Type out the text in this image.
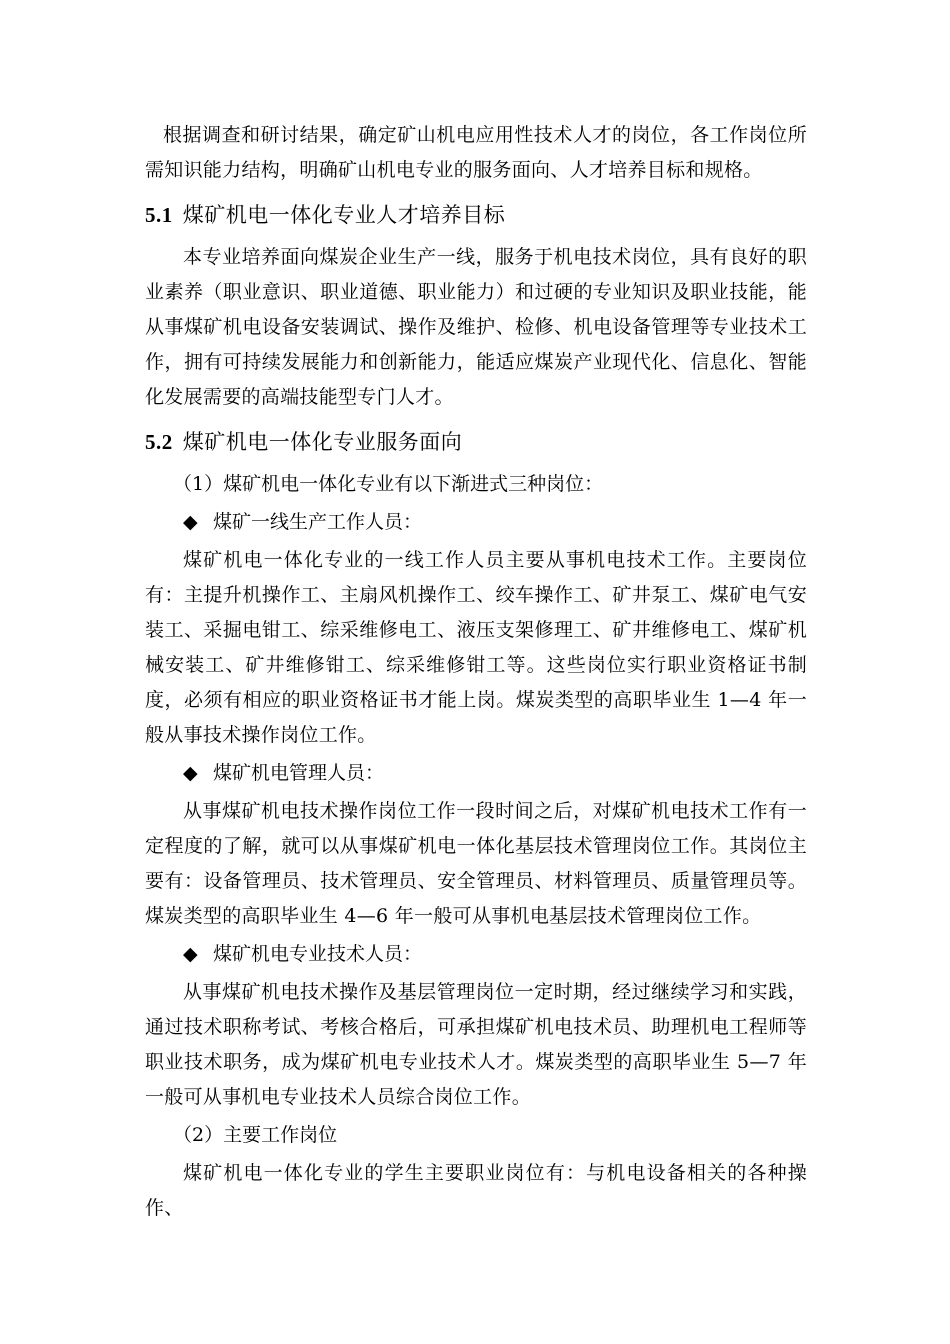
根据调查和研讨结果，确定矿山机电应用性技术人才的岗位，各工作岗位所需知识能力结构，明确矿山机电专业的服务面向、人才培养目标和规格。

5.1 煤矿机电一体化专业人才培养目标

本专业培养面向煤炭企业生产一线，服务于机电技术岗位，具有良好的职业素养（职业意识、职业道德、职业能力）和过硬的专业知识及职业技能，能从事煤矿机电设备安装调试、操作及维护、检修、机电设备管理等专业技术工作，拥有可持续发展能力和创新能力，能适应煤炭产业现代化、信息化、智能化发展需要的高端技能型专门人才。

5.2 煤矿机电一体化专业服务面向

（1）煤矿机电一体化专业有以下渐进式三种岗位：

◆ 煤矿一线生产工作人员：

煤矿机电一体化专业的一线工作人员主要从事机电技术工作。主要岗位有：主提升机操作工、主扇风机操作工、绞车操作工、矿井泵工、煤矿电气安装工、采掘电钳工、综采维修电工、液压支架修理工、矿井维修电工、煤矿机械安装工、矿井维修钳工、综采维修钳工等。这些岗位实行职业资格证书制度，必须有相应的职业资格证书才能上岗。煤炭类型的高职毕业生 1—4 年一般从事技术操作岗位工作。

◆ 煤矿机电管理人员：

从事煤矿机电技术操作岗位工作一段时间之后，对煤矿机电技术工作有一定程度的了解，就可以从事煤矿机电一体化基层技术管理岗位工作。其岗位主要有：设备管理员、技术管理员、安全管理员、材料管理员、质量管理员等。煤炭类型的高职毕业生 4—6 年一般可从事机电基层技术管理岗位工作。

◆ 煤矿机电专业技术人员：

从事煤矿机电技术操作及基层管理岗位一定时期，经过继续学习和实践，通过技术职称考试、考核合格后，可承担煤矿机电技术员、助理机电工程师等职业技术职务，成为煤矿机电专业技术人才。煤炭类型的高职毕业生 5—7 年一般可从事机电专业技术人员综合岗位工作。

（2）主要工作岗位

煤矿机电一体化专业的学生主要职业岗位有：与机电设备相关的各种操作、
